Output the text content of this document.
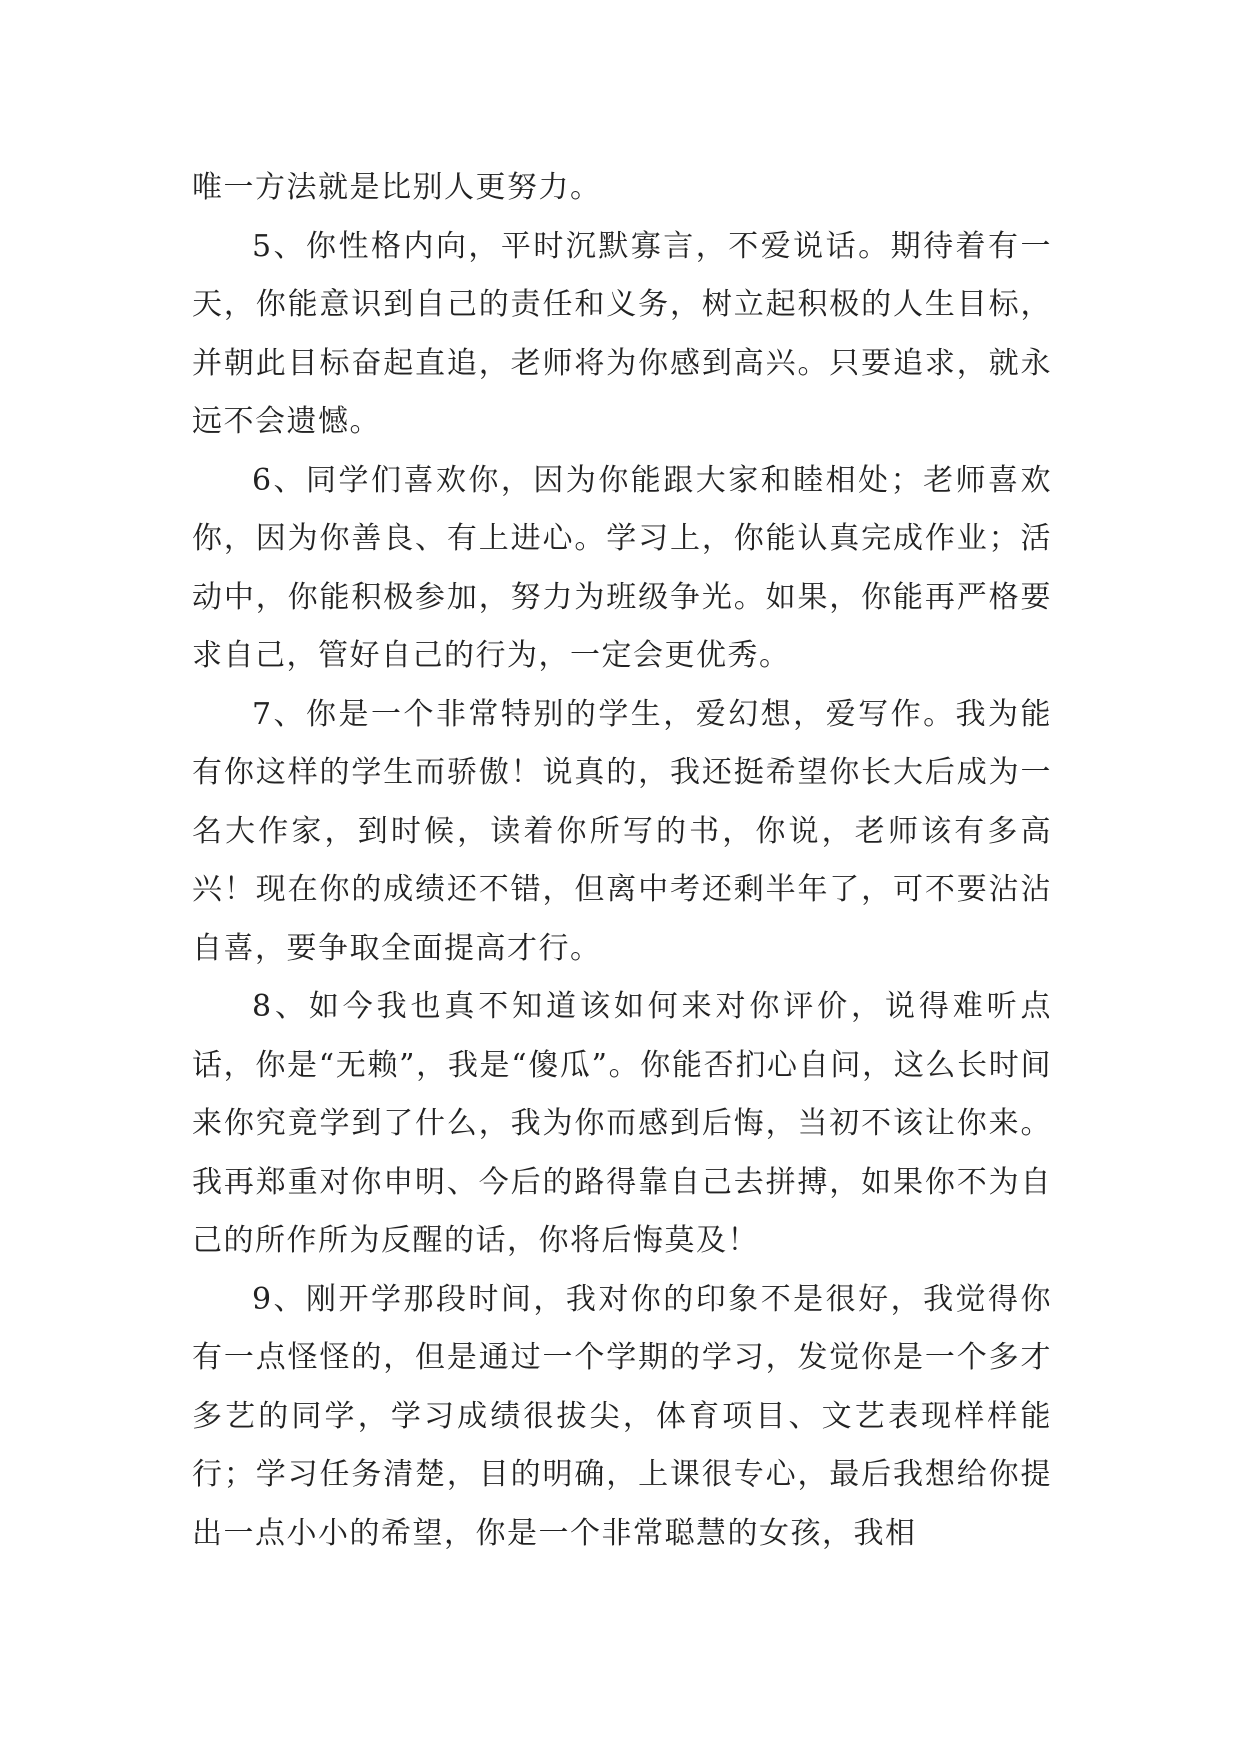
唯一方法就是比别人更努力。

5、你性格内向，平时沉默寡言，不爱说话。期待着有一天，你能意识到自己的责任和义务，树立起积极的人生目标，并朝此目标奋起直追，老师将为你感到高兴。只要追求，就永远不会遗憾。

6、同学们喜欢你，因为你能跟大家和睦相处；老师喜欢你，因为你善良、有上进心。学习上，你能认真完成作业；活动中，你能积极参加，努力为班级争光。如果，你能再严格要求自己，管好自己的行为，一定会更优秀。

7、你是一个非常特别的学生，爱幻想，爱写作。我为能有你这样的学生而骄傲！说真的，我还挺希望你长大后成为一名大作家，到时候，读着你所写的书，你说，老师该有多高兴！现在你的成绩还不错，但离中考还剩半年了，可不要沾沾自喜，要争取全面提高才行。

8、如今我也真不知道该如何来对你评价，说得难听点话，你是“无赖”，我是“傻瓜”。你能否扪心自问，这么长时间来你究竟学到了什么，我为你而感到后悔，当初不该让你来。我再郑重对你申明、今后的路得靠自己去拼搏，如果你不为自己的所作所为反醒的话，你将后悔莫及！

9、刚开学那段时间，我对你的印象不是很好，我觉得你有一点怪怪的，但是通过一个学期的学习，发觉你是一个多才多艺的同学，学习成绩很拔尖，体育项目、文艺表现样样能行；学习任务清楚，目的明确，上课很专心，最后我想给你提出一点小小的希望，你是一个非常聪慧的女孩，我相
